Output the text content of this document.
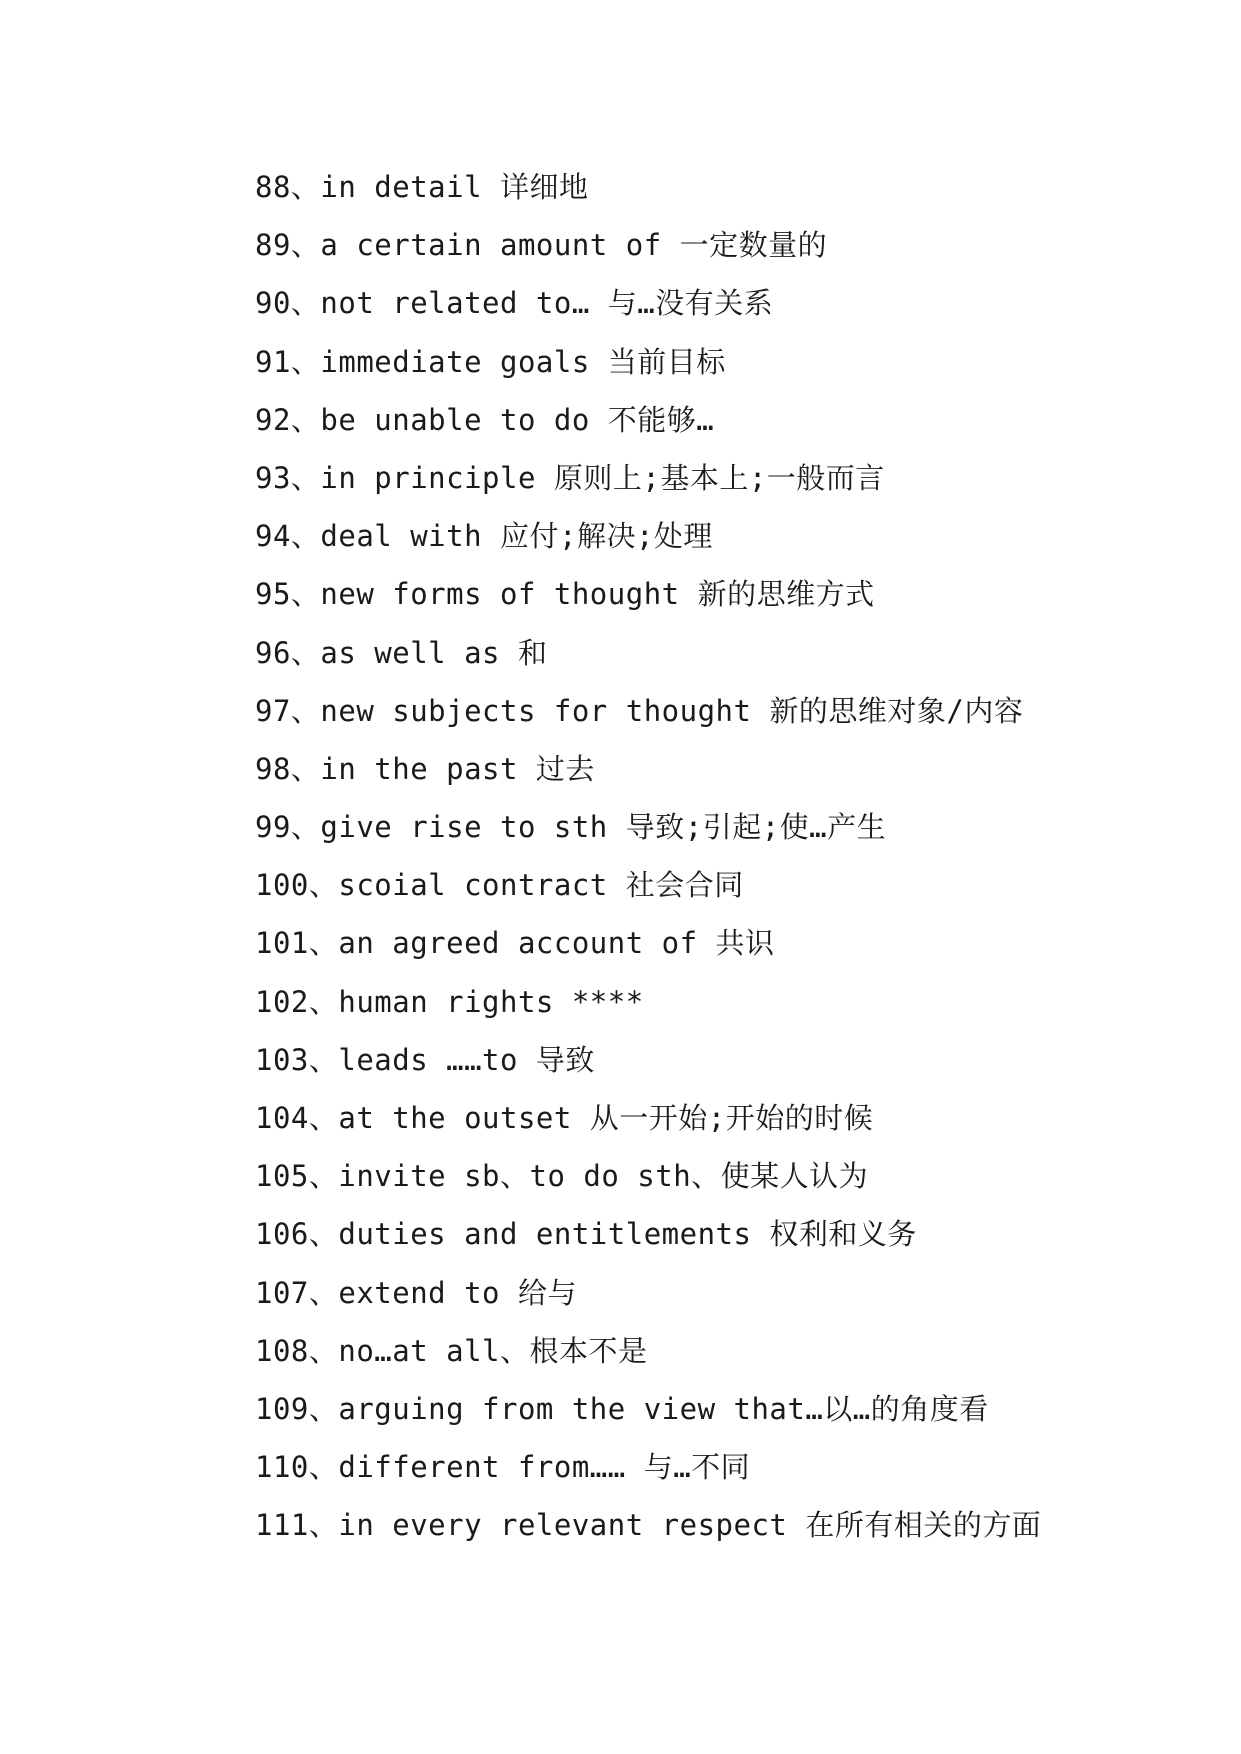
88、in detail 详细地
89、a certain amount of 一定数量的
90、not related to… 与…没有关系
91、immediate goals 当前目标
92、be unable to do 不能够…
93、in principle 原则上;基本上;一般而言
94、deal with 应付;解决;处理
95、new forms of thought 新的思维方式
96、as well as 和
97、new subjects for thought 新的思维对象/内容
98、in the past 过去
99、give rise to sth 导致;引起;使…产生
100、scoial contract 社会合同
101、an agreed account of 共识
102、human rights ****
103、leads ……to 导致
104、at the outset 从一开始;开始的时候
105、invite sb、to do sth、使某人认为
106、duties and entitlements 权利和义务
107、extend to 给与
108、no…at all、根本不是
109、arguing from the view that…以…的角度看
110、different from…… 与…不同
111、in every relevant respect 在所有相关的方面
